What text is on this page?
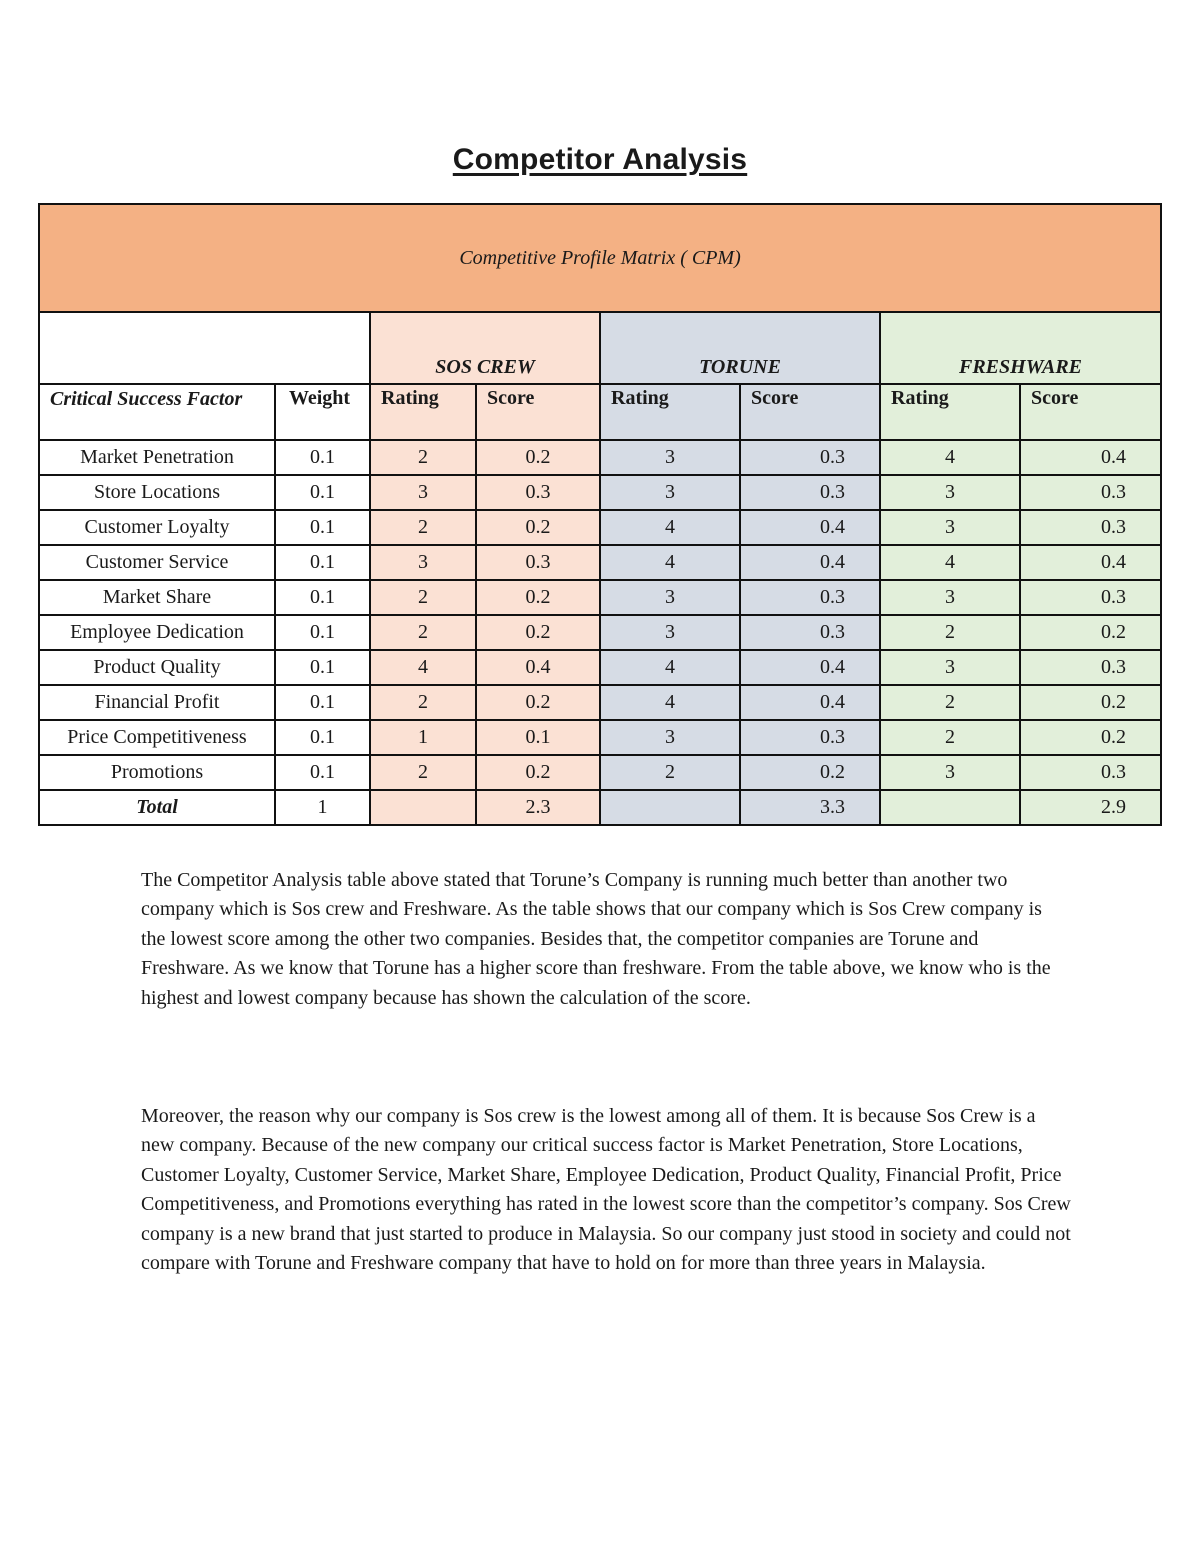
Competitor Analysis
Competitive Profile Matrix ( CPM)							
		SOS CREW		TORUNE		FRESHWARE	
Critical Success Factor	Weight	Rating	Score	Rating	Score	Rating	Score
Market Penetration	0.1	2	0.2	3	0.3	4	0.4
Store Locations	0.1	3	0.3	3	0.3	3	0.3
Customer Loyalty	0.1	2	0.2	4	0.4	3	0.3
Customer Service	0.1	3	0.3	4	0.4	4	0.4
Market Share	0.1	2	0.2	3	0.3	3	0.3
Employee Dedication	0.1	2	0.2	3	0.3	2	0.2
Product Quality	0.1	4	0.4	4	0.4	3	0.3
Financial Profit	0.1	2	0.2	4	0.4	2	0.2
Price Competitiveness	0.1	1	0.1	3	0.3	2	0.2
Promotions	0.1	2	0.2	2	0.2	3	0.3
Total	1		2.3		3.3		2.9

The Competitor Analysis table above stated that Torune’s Company is running much better than another two company which is Sos crew and Freshware. As the table shows that our company which is Sos Crew company is the lowest score among the other two companies. Besides that, the competitor companies are Torune and Freshware. As we know that Torune has a higher score than freshware. From the table above, we know who is the highest and lowest company because has shown the calculation of the score.

Moreover, the reason why our company is Sos crew is the lowest among all of them. It is because Sos Crew is a new company. Because of the new company our critical success factor is Market Penetration, Store Locations, Customer Loyalty, Customer Service, Market Share, Employee Dedication, Product Quality, Financial Profit, Price Competitiveness, and Promotions everything has rated in the lowest score than the competitor’s company. Sos Crew company is a new brand that just started to produce in Malaysia. So our company just stood in society and could not compare with Torune and Freshware company that have to hold on for more than three years in Malaysia.
